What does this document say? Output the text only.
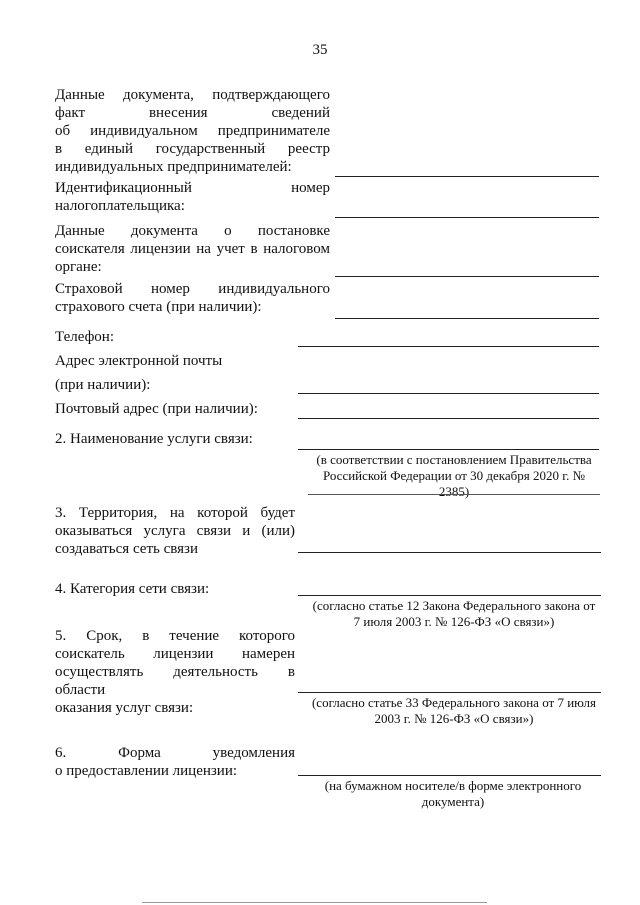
35
Данные документа, подтверждающего
факт внесения сведений
об индивидуальном предпринимателе
в единый государственный реестр
индивидуальных предпринимателей:
Идентификационный номер
налогоплательщика:
Данные документа о постановке
соискателя лицензии на учет в налоговом
органе:
Страховой номер индивидуального
страхового счета (при наличии):
Телефон:
Адрес электронной почты
(при наличии):
Почтовый адрес (при наличии):
2. Наименование услуги связи:
(в соответствии с постановлением Правительства Российской Федерации от 30 декабря 2020 г. № 2385)
3. Территория, на которой будет
оказываться услуга связи и (или)
создаваться сеть связи
4. Категория сети связи:
(согласно статье 12 Закона Федерального закона от 7 июля 2003 г. № 126-ФЗ «О связи»)
5. Срок, в течение которого
соискатель лицензии намерен
осуществлять деятельность в области
оказания услуг связи:	(согласно статье 33 Федерального закона от 7 июля 2003 г. № 126-ФЗ «О связи»)
6. Форма уведомления
о предоставлении лицензии:
(на бумажном носителе/в форме электронного документа)
